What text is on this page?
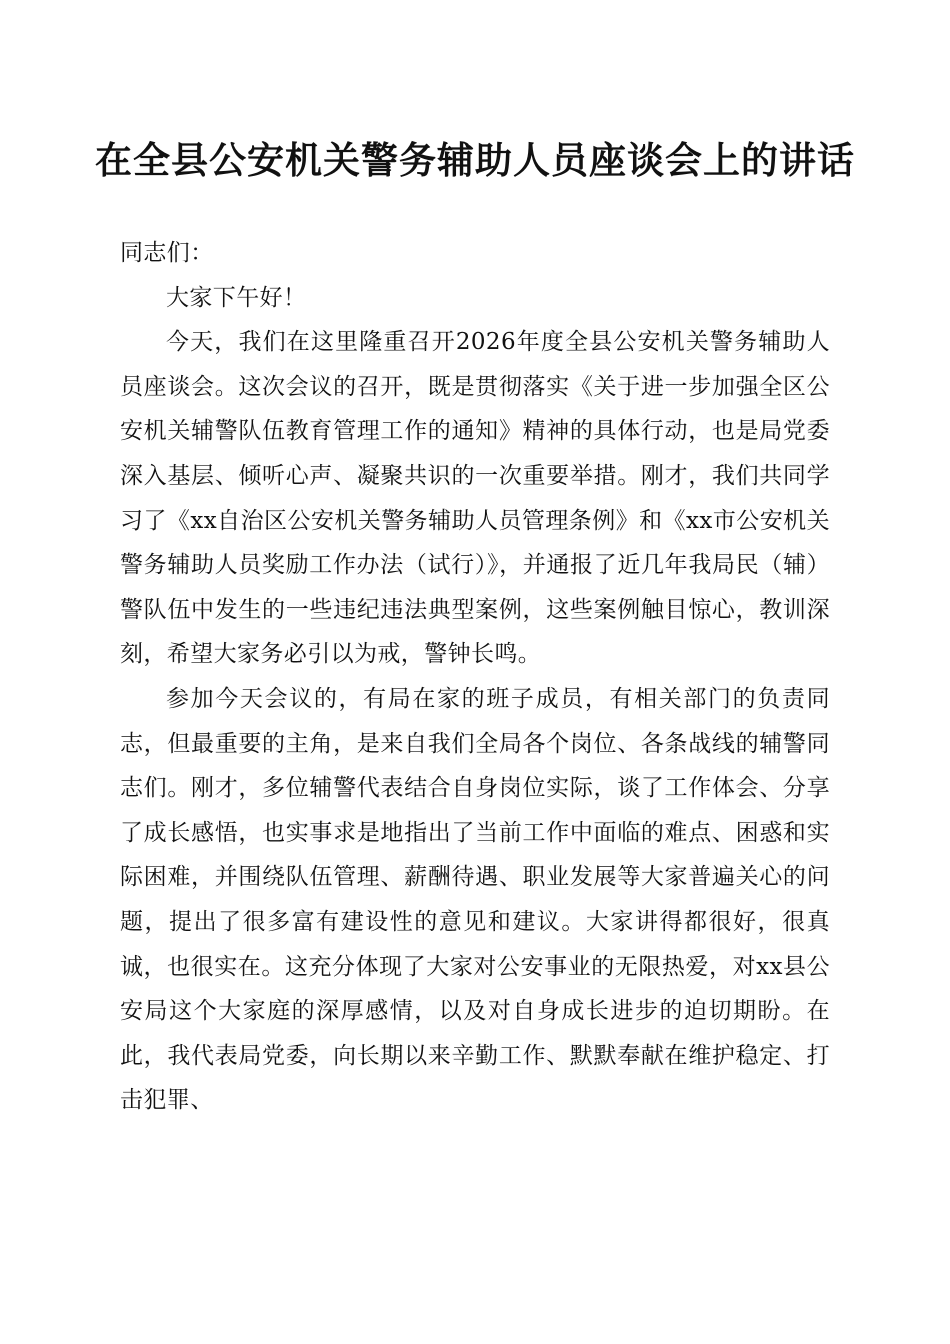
在全县公安机关警务辅助人员座谈会上的讲话

同志们：

大家下午好！

今天，我们在这里隆重召开2026年度全县公安机关警务辅助人员座谈会。这次会议的召开，既是贯彻落实《关于进一步加强全区公安机关辅警队伍教育管理工作的通知》精神的具体行动，也是局党委深入基层、倾听心声、凝聚共识的一次重要举措。刚才，我们共同学习了《xx自治区公安机关警务辅助人员管理条例》和《xx市公安机关警务辅助人员奖励工作办法（试行）》，并通报了近几年我局民（辅）警队伍中发生的一些违纪违法典型案例，这些案例触目惊心，教训深刻，希望大家务必引以为戒，警钟长鸣。

参加今天会议的，有局在家的班子成员，有相关部门的负责同志，但最重要的主角，是来自我们全局各个岗位、各条战线的辅警同志们。刚才，多位辅警代表结合自身岗位实际，谈了工作体会、分享了成长感悟，也实事求是地指出了当前工作中面临的难点、困惑和实际困难，并围绕队伍管理、薪酬待遇、职业发展等大家普遍关心的问题，提出了很多富有建设性的意见和建议。大家讲得都很好，很真诚，也很实在。这充分体现了大家对公安事业的无限热爱，对xx县公安局这个大家庭的深厚感情，以及对自身成长进步的迫切期盼。在此，我代表局党委，向长期以来辛勤工作、默默奉献在维护稳定、打击犯罪、
